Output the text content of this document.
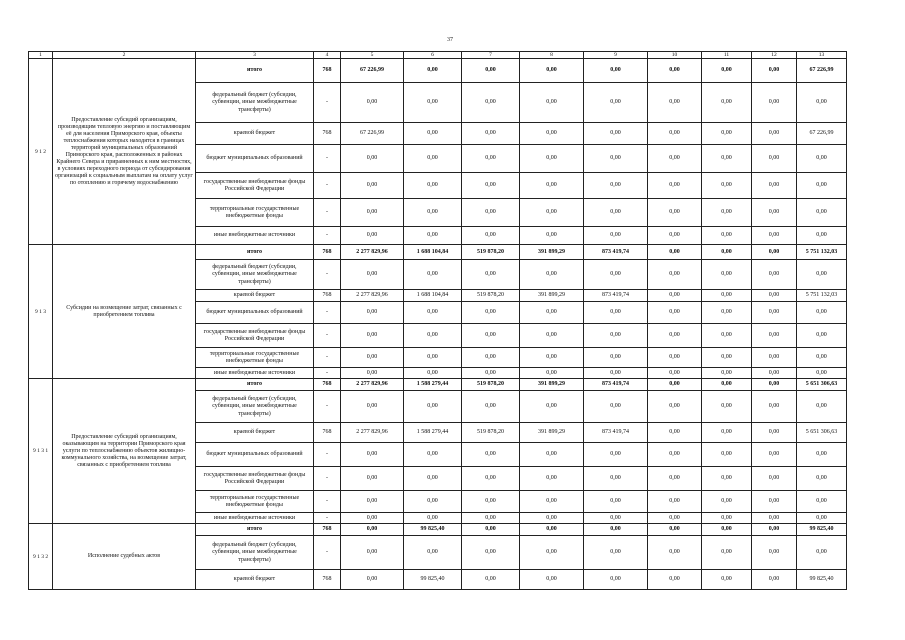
37
1	2	3	4	5	6	7	8	9	10	11	12	13
9 1 2	Предоставление субсидий организациям, производящим тепловую энергию и поставляющим её для населения Приморского края, объекты теплоснабжения которых находятся в границах территорий муниципальных образований Приморского края, расположенных в районах Крайнего Севера и приравненных к ним местностях, в условиях переходного периода от субсидирования организаций к социальным выплатам на оплату услуг по отоплению и горячему водоснабжению	итого	768	67 226,99	0,00	0,00	0,00	0,00	0,00	0,00	0,00	67 226,99
		федеральный бюджет (субсидии, субвенции, иные межбюджетные трансферты)	-	0,00	0,00	0,00	0,00	0,00	0,00	0,00	0,00	0,00
		краевой бюджет	768	67 226,99	0,00	0,00	0,00	0,00	0,00	0,00	0,00	67 226,99
		бюджет муниципальных образований	-	0,00	0,00	0,00	0,00	0,00	0,00	0,00	0,00	0,00
		государственные внебюджетные фонды Российской Федерации	-	0,00	0,00	0,00	0,00	0,00	0,00	0,00	0,00	0,00
		территориальные государственные внебюджетные фонды	-	0,00	0,00	0,00	0,00	0,00	0,00	0,00	0,00	0,00
		иные внебюджетные источники	-	0,00	0,00	0,00	0,00	0,00	0,00	0,00	0,00	0,00
9 1 3	Субсидии на возмещение затрат, связанных с приобретением топлива	итого	768	2 277 829,96	1 688 104,84	519 878,20	391 899,29	873 419,74	0,00	0,00	0,00	5 751 132,03
		федеральный бюджет (субсидии, субвенции, иные межбюджетные трансферты)	-	0,00	0,00	0,00	0,00	0,00	0,00	0,00	0,00	0,00
		краевой бюджет	768	2 277 829,96	1 688 104,84	519 878,20	391 899,29	873 419,74	0,00	0,00	0,00	5 751 132,03
		бюджет муниципальных образований	-	0,00	0,00	0,00	0,00	0,00	0,00	0,00	0,00	0,00
		государственные внебюджетные фонды Российской Федерации	-	0,00	0,00	0,00	0,00	0,00	0,00	0,00	0,00	0,00
		территориальные государственные внебюджетные фонды	-	0,00	0,00	0,00	0,00	0,00	0,00	0,00	0,00	0,00
		иные внебюджетные источники	-	0,00	0,00	0,00	0,00	0,00	0,00	0,00	0,00	0,00
9 1 3 1	Предоставление субсидий организациям, оказывающим на территории Приморского края услуги по теплоснабжению объектов жилищно-коммунального хозяйства, на возмещение затрат, связанных с приобретением топлива	итого	768	2 277 829,96	1 588 279,44	519 878,20	391 899,29	873 419,74	0,00	0,00	0,00	5 651 306,63
		федеральный бюджет (субсидии, субвенции, иные межбюджетные трансферты)	-	0,00	0,00	0,00	0,00	0,00	0,00	0,00	0,00	0,00
		краевой бюджет	768	2 277 829,96	1 588 279,44	519 878,20	391 899,29	873 419,74	0,00	0,00	0,00	5 651 306,63
		бюджет муниципальных образований	-	0,00	0,00	0,00	0,00	0,00	0,00	0,00	0,00	0,00
		государственные внебюджетные фонды Российской Федерации	-	0,00	0,00	0,00	0,00	0,00	0,00	0,00	0,00	0,00
		территориальные государственные внебюджетные фонды	-	0,00	0,00	0,00	0,00	0,00	0,00	0,00	0,00	0,00
		иные внебюджетные источники	-	0,00	0,00	0,00	0,00	0,00	0,00	0,00	0,00	0,00
9 1 3 2	Исполнение судебных актов	итого	768	0,00	99 825,40	0,00	0,00	0,00	0,00	0,00	0,00	99 825,40
		федеральный бюджет (субсидии, субвенции, иные межбюджетные трансферты)	-	0,00	0,00	0,00	0,00	0,00	0,00	0,00	0,00	0,00
		краевой бюджет	768	0,00	99 825,40	0,00	0,00	0,00	0,00	0,00	0,00	99 825,40
